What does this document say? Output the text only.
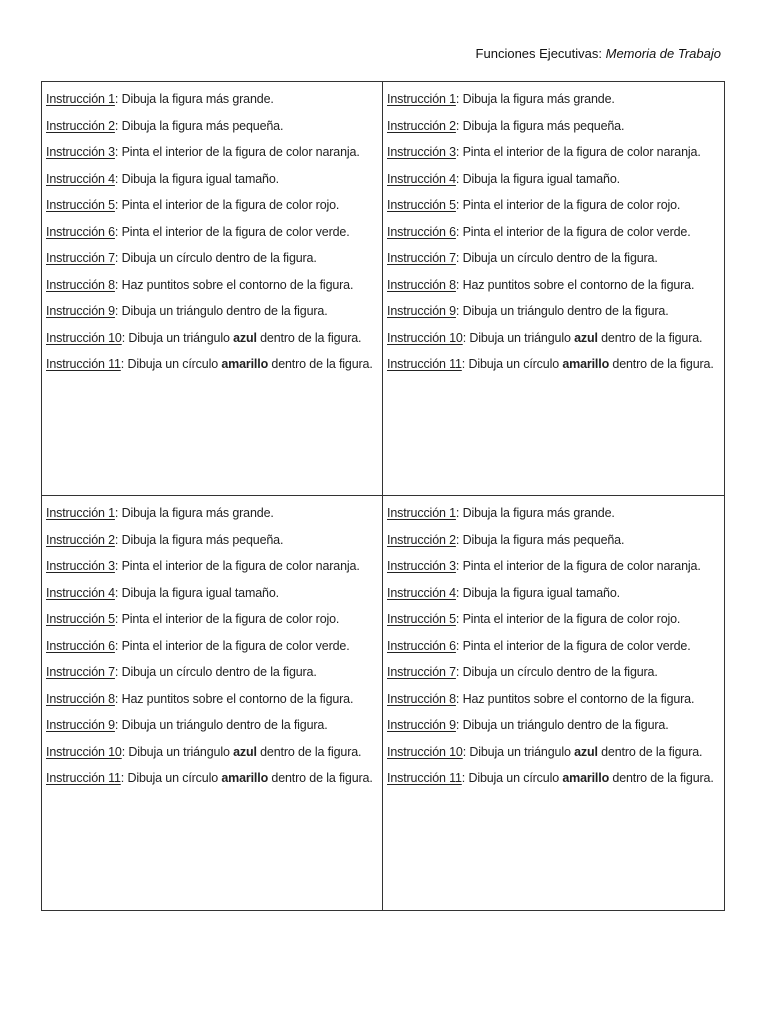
Funciones Ejecutivas: Memoria de Trabajo

Instrucción 1: Dibuja la figura más grande.

Instrucción 2: Dibuja la figura más pequeña.

Instrucción 3: Pinta el interior de la figura de color naranja.

Instrucción 4: Dibuja la figura igual tamaño.

Instrucción 5: Pinta el interior de la figura de color rojo.

Instrucción 6: Pinta el interior de la figura de color verde.

Instrucción 7: Dibuja un círculo dentro de la figura.

Instrucción 8: Haz puntitos sobre el contorno de la figura.

Instrucción 9: Dibuja un triángulo dentro de la figura.

Instrucción 10: Dibuja un triángulo azul dentro de la figura.

Instrucción 11: Dibuja un círculo amarillo dentro de la figura.

Instrucción 1: Dibuja la figura más grande.

Instrucción 2: Dibuja la figura más pequeña.

Instrucción 3: Pinta el interior de la figura de color naranja.

Instrucción 4: Dibuja la figura igual tamaño.

Instrucción 5: Pinta el interior de la figura de color rojo.

Instrucción 6: Pinta el interior de la figura de color verde.

Instrucción 7: Dibuja un círculo dentro de la figura.

Instrucción 8: Haz puntitos sobre el contorno de la figura.

Instrucción 9: Dibuja un triángulo dentro de la figura.

Instrucción 10: Dibuja un triángulo azul dentro de la figura.

Instrucción 11: Dibuja un círculo amarillo dentro de la figura.

Instrucción 1: Dibuja la figura más grande.

Instrucción 2: Dibuja la figura más pequeña.

Instrucción 3: Pinta el interior de la figura de color naranja.

Instrucción 4: Dibuja la figura igual tamaño.

Instrucción 5: Pinta el interior de la figura de color rojo.

Instrucción 6: Pinta el interior de la figura de color verde.

Instrucción 7: Dibuja un círculo dentro de la figura.

Instrucción 8: Haz puntitos sobre el contorno de la figura.

Instrucción 9: Dibuja un triángulo dentro de la figura.

Instrucción 10: Dibuja un triángulo azul dentro de la figura.

Instrucción 11: Dibuja un círculo amarillo dentro de la figura.

Instrucción 1: Dibuja la figura más grande.

Instrucción 2: Dibuja la figura más pequeña.

Instrucción 3: Pinta el interior de la figura de color naranja.

Instrucción 4: Dibuja la figura igual tamaño.

Instrucción 5: Pinta el interior de la figura de color rojo.

Instrucción 6: Pinta el interior de la figura de color verde.

Instrucción 7: Dibuja un círculo dentro de la figura.

Instrucción 8: Haz puntitos sobre el contorno de la figura.

Instrucción 9: Dibuja un triángulo dentro de la figura.

Instrucción 10: Dibuja un triángulo azul dentro de la figura.

Instrucción 11: Dibuja un círculo amarillo dentro de la figura.
